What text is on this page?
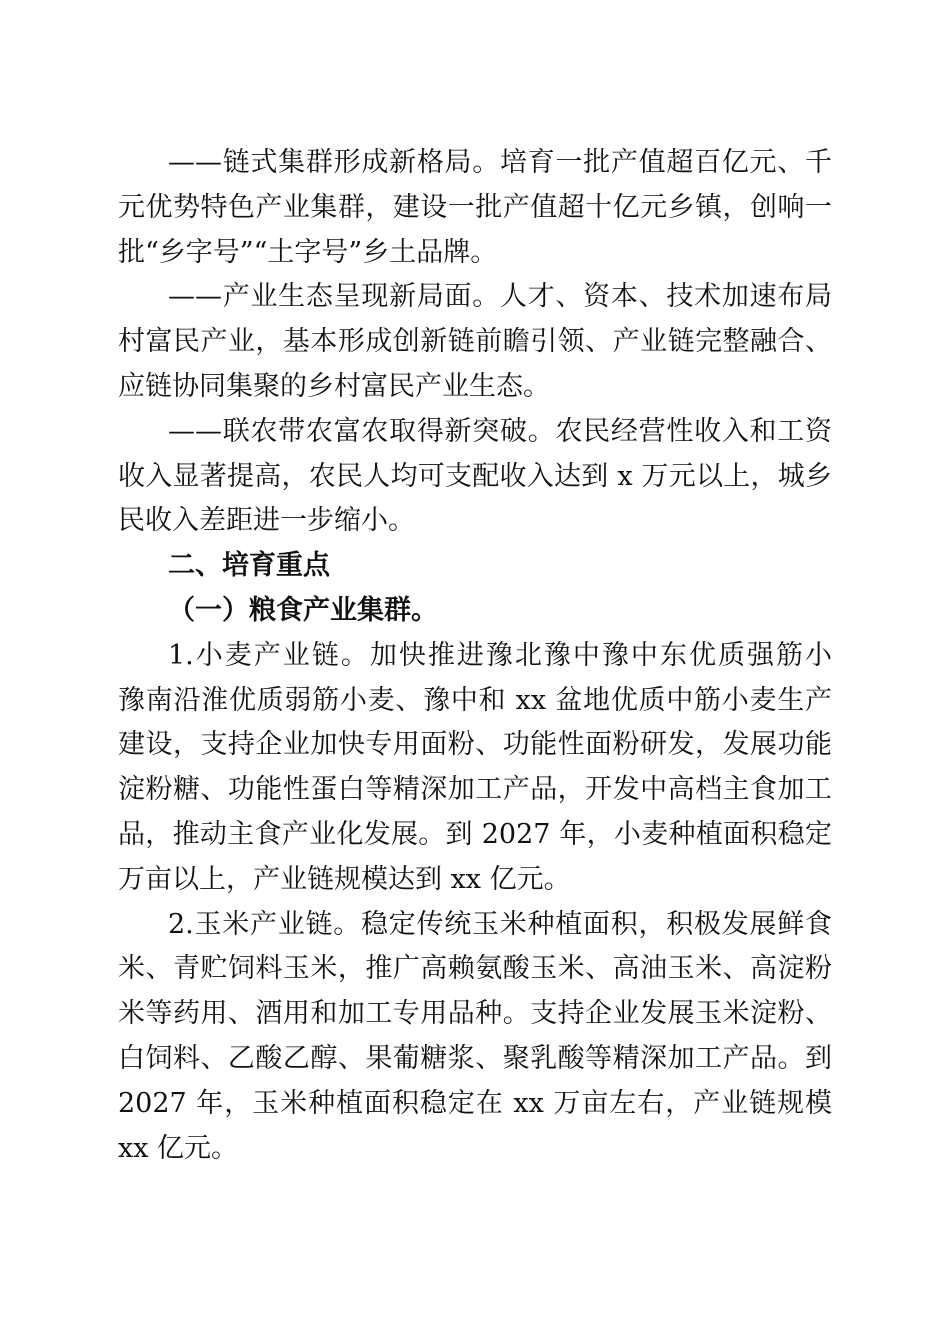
——链式集群形成新格局。培育一批产值超百亿元、千
元优势特色产业集群，建设一批产值超十亿元乡镇，创响一
批“乡字号”“土字号”乡土品牌。
——产业生态呈现新局面。人才、资本、技术加速布局
村富民产业，基本形成创新链前瞻引领、产业链完整融合、
应链协同集聚的乡村富民产业生态。
——联农带农富农取得新突破。农民经营性收入和工资
收入显著提高，农民人均可支配收入达到 x 万元以上，城乡
民收入差距进一步缩小。
二、培育重点
（一）粮食产业集群。
1.小麦产业链。加快推进豫北豫中豫中东优质强筋小
豫南沿淮优质弱筋小麦、豫中和 xx 盆地优质中筋小麦生产
建设，支持企业加快专用面粉、功能性面粉研发，发展功能
淀粉糖、功能性蛋白等精深加工产品，开发中高档主食加工
品，推动主食产业化发展。到 2027 年，小麦种植面积稳定
万亩以上，产业链规模达到 xx 亿元。
2.玉米产业链。稳定传统玉米种植面积，积极发展鲜食
米、青贮饲料玉米，推广高赖氨酸玉米、高油玉米、高淀粉
米等药用、酒用和加工专用品种。支持企业发展玉米淀粉、
白饲料、乙酸乙醇、果葡糖浆、聚乳酸等精深加工产品。到
2027 年，玉米种植面积稳定在 xx 万亩左右，产业链规模
xx 亿元。
